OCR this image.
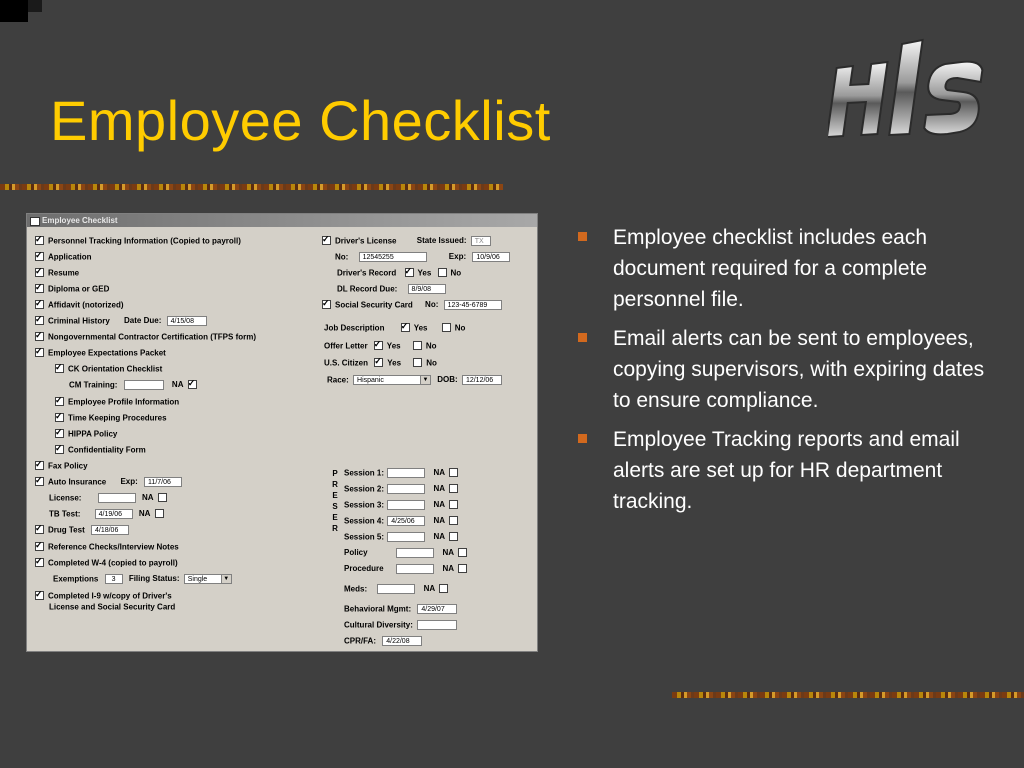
Employee Checklist
Employee Checklist
✓Personnel Tracking Information (Copied to payroll)
✓Application
✓Resume
✓Diploma or GED
✓Affidavit (notorized)
✓Criminal History Date Due: 4/15/08
✓Nongovernmental Contractor Certification (TFPS form)
✓Employee Expectations Packet
✓CK Orientation Checklist
CM Training:	NA ✓
✓Employee Profile Information
✓Time Keeping Procedures
✓HIPPA Policy
✓Confidentiality Form
✓Fax Policy
✓Auto Insurance Exp: 11/7/06
License:	NA
TB Test:	4/19/06 NA
✓Drug Test 4/18/06
✓Reference Checks/Interview Notes
✓Completed W-4 (copied to payroll)
Exemptions 3 Filing Status: Single	▼
✓Completed I-9 w/copy of Driver's
License and Social Security Card
✓Driver's License	State Issued: TX
No: 12545255	Exp: 10/9/06
Driver's Record ✓	Yes No
DL Record Due: 8/9/08
✓Social Security Card No: 123-45-6789
Job Description ✓	Yes	No
Offer Letter ✓ Yes	No
U.S. Citizen ✓ Yes	No
Race: Hispanic	▼ DOB: 12/12/06
P
R
E
S
E
R
Session 1:	NA
Session 2:	NA
Session 3:	NA
Session 4: 4/25/06 NA
Session 5:	NA
Policy	NA
Procedure	NA
Meds:	NA
Behavioral Mgmt: 4/29/07
Cultural Diversity:
CPR/FA: 4/22/08
Employee checklist includes each document required for a complete personnel file.
Email alerts can be sent to employees, copying supervisors, with expiring dates to ensure compliance.
Employee Tracking reports and email alerts are set up for HR department tracking.
